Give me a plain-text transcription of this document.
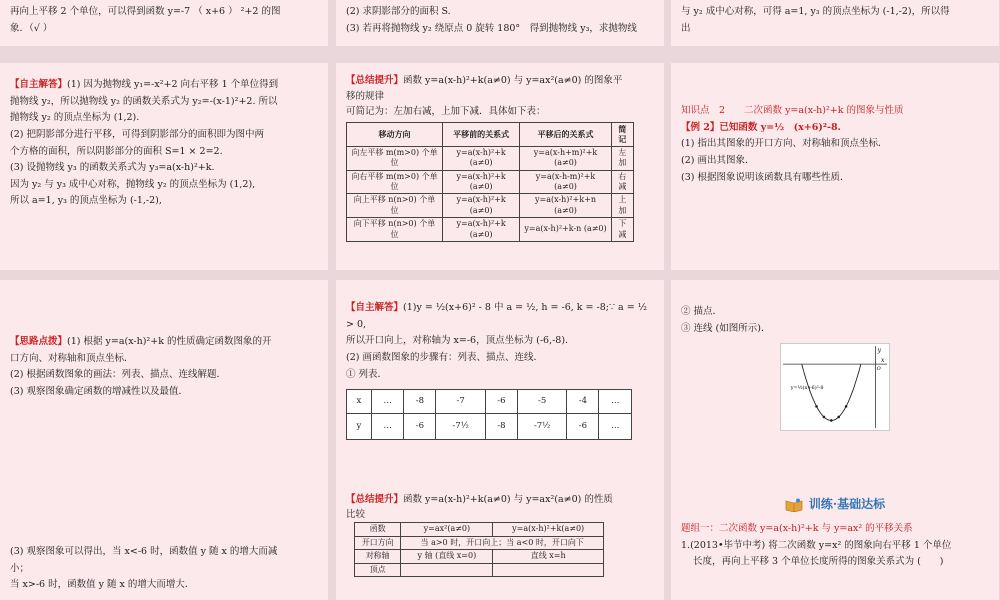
再向上平移 2 个单位，可以得到函数 y=-7 （ x+6 ） ²+2 的图

象．（√ ）

(2) 求阴影部分的面积 S.

(3) 若再将抛物线 y₂ 绕原点 0 旋转 180°　得到抛物线 y₃，求抛物线

与 y₂ 成中心对称，可得 a=1, y₃ 的顶点坐标为 (-1,-2)，所以得

出

【自主解答】(1) 因为抛物线 y₁=-x²+2 向右平移 1 个单位得到

抛物线 y₂，所以抛物线 y₂ 的函数关系式为 y₂=-(x-1)²+2. 所以

抛物线 y₂ 的顶点坐标为 (1,2).

(2) 把阴影部分进行平移，可得到阴影部分的面积即为图中两

个方格的面积，所以阴影部分的面积 S=1 × 2=2.

(3) 设抛物线 y₃ 的函数关系式为 y₃=a(x-h)²+k.

因为 y₂ 与 y₃ 成中心对称，抛物线 y₂ 的顶点坐标为 (1,2),

所以 a=1, y₃ 的顶点坐标为 (-1,-2),

【总结提升】函数 y=a(x-h)²+k(a≠0) 与 y=ax²(a≠0) 的图象平

移的规律

可简记为：左加右减，上加下减．具体如下表：

移动方向	平移前的关系式	平移后的关系式	简记
向左平移 m(m>0) 个单位	y=a(x-h)²+k (a≠0)	y=a(x-h+m)²+k (a≠0)	左加
向右平移 m(m>0) 个单位	y=a(x-h)²+k (a≠0)	y=a(x-h-m)²+k (a≠0)	右减
向上平移 n(n>0) 个单位	y=a(x-h)²+k (a≠0)	y=a(x-h)²+k+n (a≠0)	上加
向下平移 n(n>0) 个单位	y=a(x-h)²+k (a≠0)	y=a(x-h)²+k-n (a≠0)	下减

知识点　2　　二次函数 y=a(x-h)²+k 的图象与性质

【例 2】已知函数 y=½　(x+6)²-8.

(1) 指出其图象的开口方向、对称轴和顶点坐标．

(2) 画出其图象．

(3) 根据图象说明该函数具有哪些性质．

【思路点拨】(1) 根据 y=a(x-h)²+k 的性质确定函数图象的开

口方向、对称轴和顶点坐标．

(2) 根据函数图象的画法：列表、描点、连线解题．

(3) 观察图象确定函数的增减性以及最值．

【自主解答】(1)y = ½(x+6)² - 8 中 a = ½, h = -6, k = -8;∵ a = ½ > 0,

所以开口向上，对称轴为 x=-6，顶点坐标为 (-6,-8).

(2) 画函数图象的步骤有：列表、描点、连线．

① 列表．

x	…	-8	-7	-6	-5	-4	…
y	…	-6	-7½	-8	-7½	-6	…

② 描点．

③ 连线 (如图所示)．

x
y
O
y=½(x+6)²-8

(3) 观察图象可以得出，当 x<-6 时，函数值 y 随 x 的增大而减

小；

当 x>-6 时，函数值 y 随 x 的增大而增大．

【总结提升】函数 y=a(x-h)²+k(a≠0) 与 y=ax²(a≠0) 的性质

比较

函数	y=ax²(a≠0)	y=a(x-h)²+k(a≠0)
开口方向	当 a>0 时，开口向上；当 a<0 时，开口向下	
对称轴	y 轴 (直线 x=0)	直线 x=h
顶点		
训练·基础达标

题组一：二次函数 y=a(x-h)²+k 与 y=ax² 的平移关系

1.(2013•毕节中考) 将二次函数 y=x² 的图象向右平移 1 个单位

长度，再向上平移 3 个单位长度所得的图象关系式为 (　　)
